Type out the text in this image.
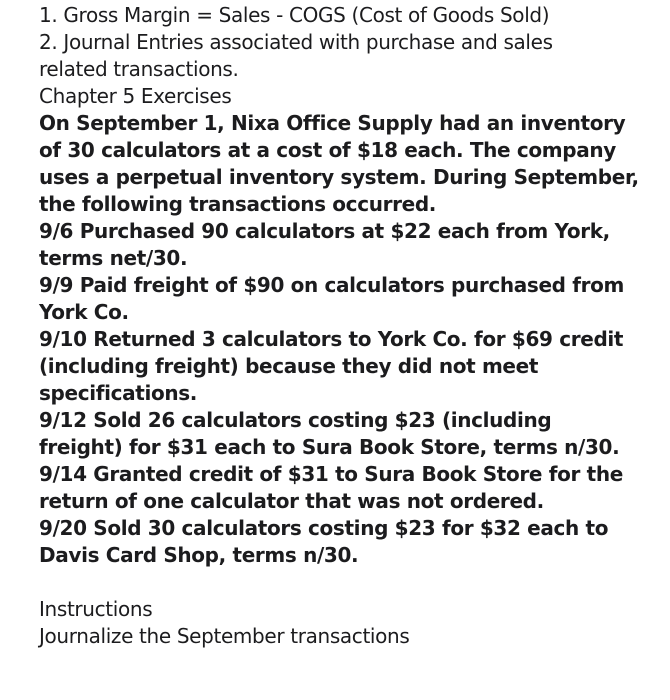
1. Gross Margin = Sales - COGS (Cost of Goods Sold)
2. Journal Entries associated with purchase and sales
related transactions.
Chapter 5 Exercises
On September 1, Nixa Office Supply had an inventory
of 30 calculators at a cost of $18 each. The company
uses a perpetual inventory system. During September,
the following transactions occurred.
9/6 Purchased 90 calculators at $22 each from York,
terms net/30.
9/9 Paid freight of $90 on calculators purchased from
York Co.
9/10 Returned 3 calculators to York Co. for $69 credit
(including freight) because they did not meet
specifications.
9/12 Sold 26 calculators costing $23 (including
freight) for $31 each to Sura Book Store, terms n/30.
9/14 Granted credit of $31 to Sura Book Store for the
return of one calculator that was not ordered.
9/20 Sold 30 calculators costing $23 for $32 each to
Davis Card Shop, terms n/30.
Instructions
Journalize the September transactions
